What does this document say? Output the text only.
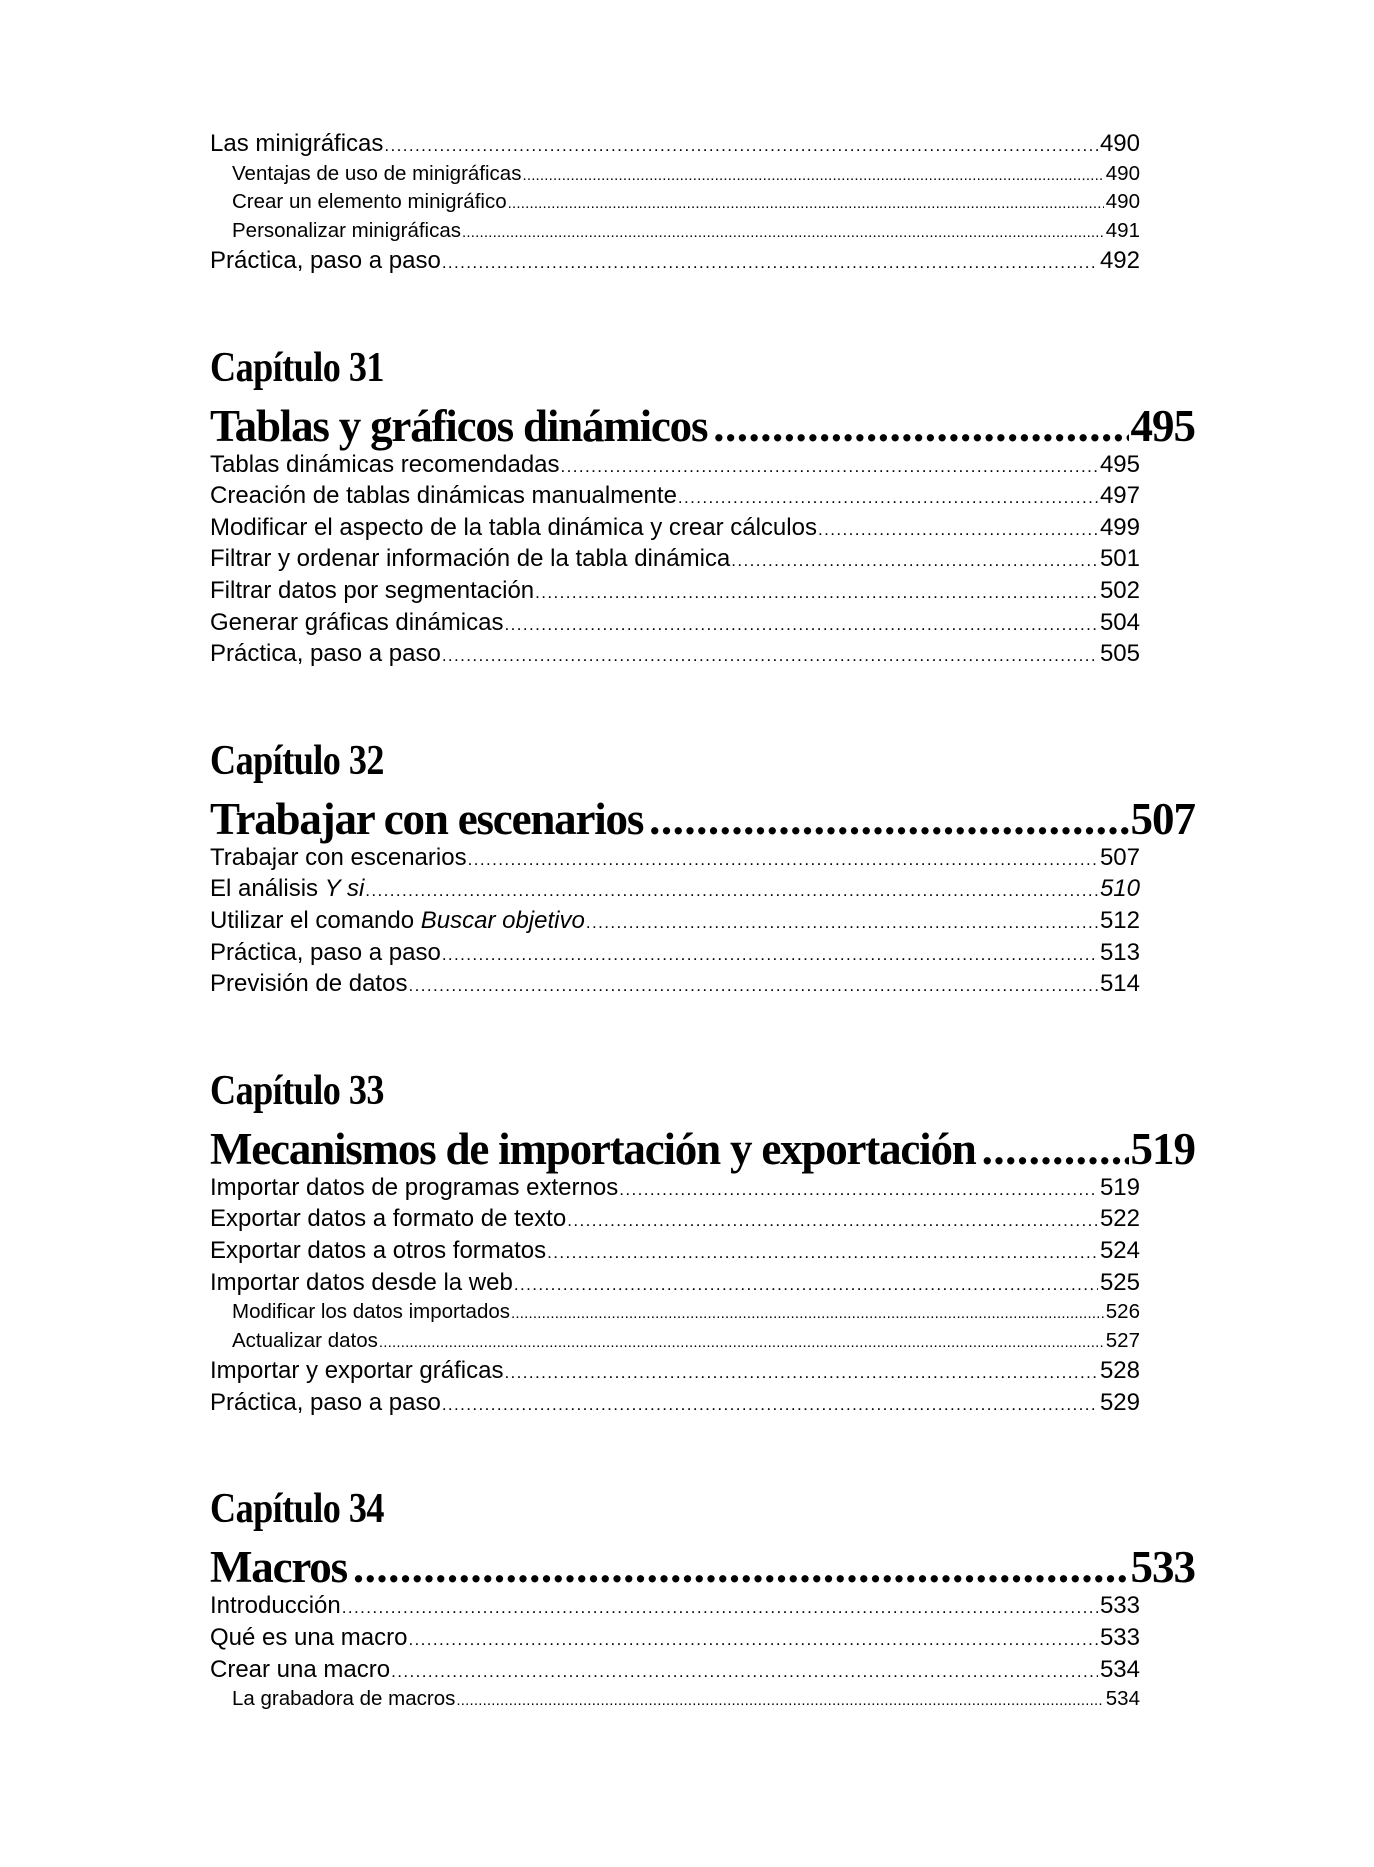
Las minigráficas .....	490
Ventajas de uso de minigráficas .....	490
Crear un elemento minigráfico .....	490
Personalizar minigráficas .....	491
Práctica, paso a paso .....	492
Capítulo 31
Tablas y gráficos dinámicos .....	495
Tablas dinámicas recomendadas .....	495
Creación de tablas dinámicas manualmente .....	497
Modificar el aspecto de la tabla dinámica y crear cálculos .....	499
Filtrar y ordenar información de la tabla dinámica .....	501
Filtrar datos por segmentación .....	502
Generar gráficas dinámicas .....	504
Práctica, paso a paso .....	505
Capítulo 32
Trabajar con escenarios .....	507
Trabajar con escenarios .....	507
El análisis Y si .....	510
Utilizar el comando Buscar objetivo .....	512
Práctica, paso a paso .....	513
Previsión de datos .....	514
Capítulo 33
Mecanismos de importación y exportación .....	519
Importar datos de programas externos .....	519
Exportar datos a formato de texto .....	522
Exportar datos a otros formatos .....	524
Importar datos desde la web .....	525
Modificar los datos importados .....	526
Actualizar datos .....	527
Importar y exportar gráficas .....	528
Práctica, paso a paso .....	529
Capítulo 34
Macros .....	533
Introducción .....	533
Qué es una macro .....	533
Crear una macro .....	534
La grabadora de macros .....	534
